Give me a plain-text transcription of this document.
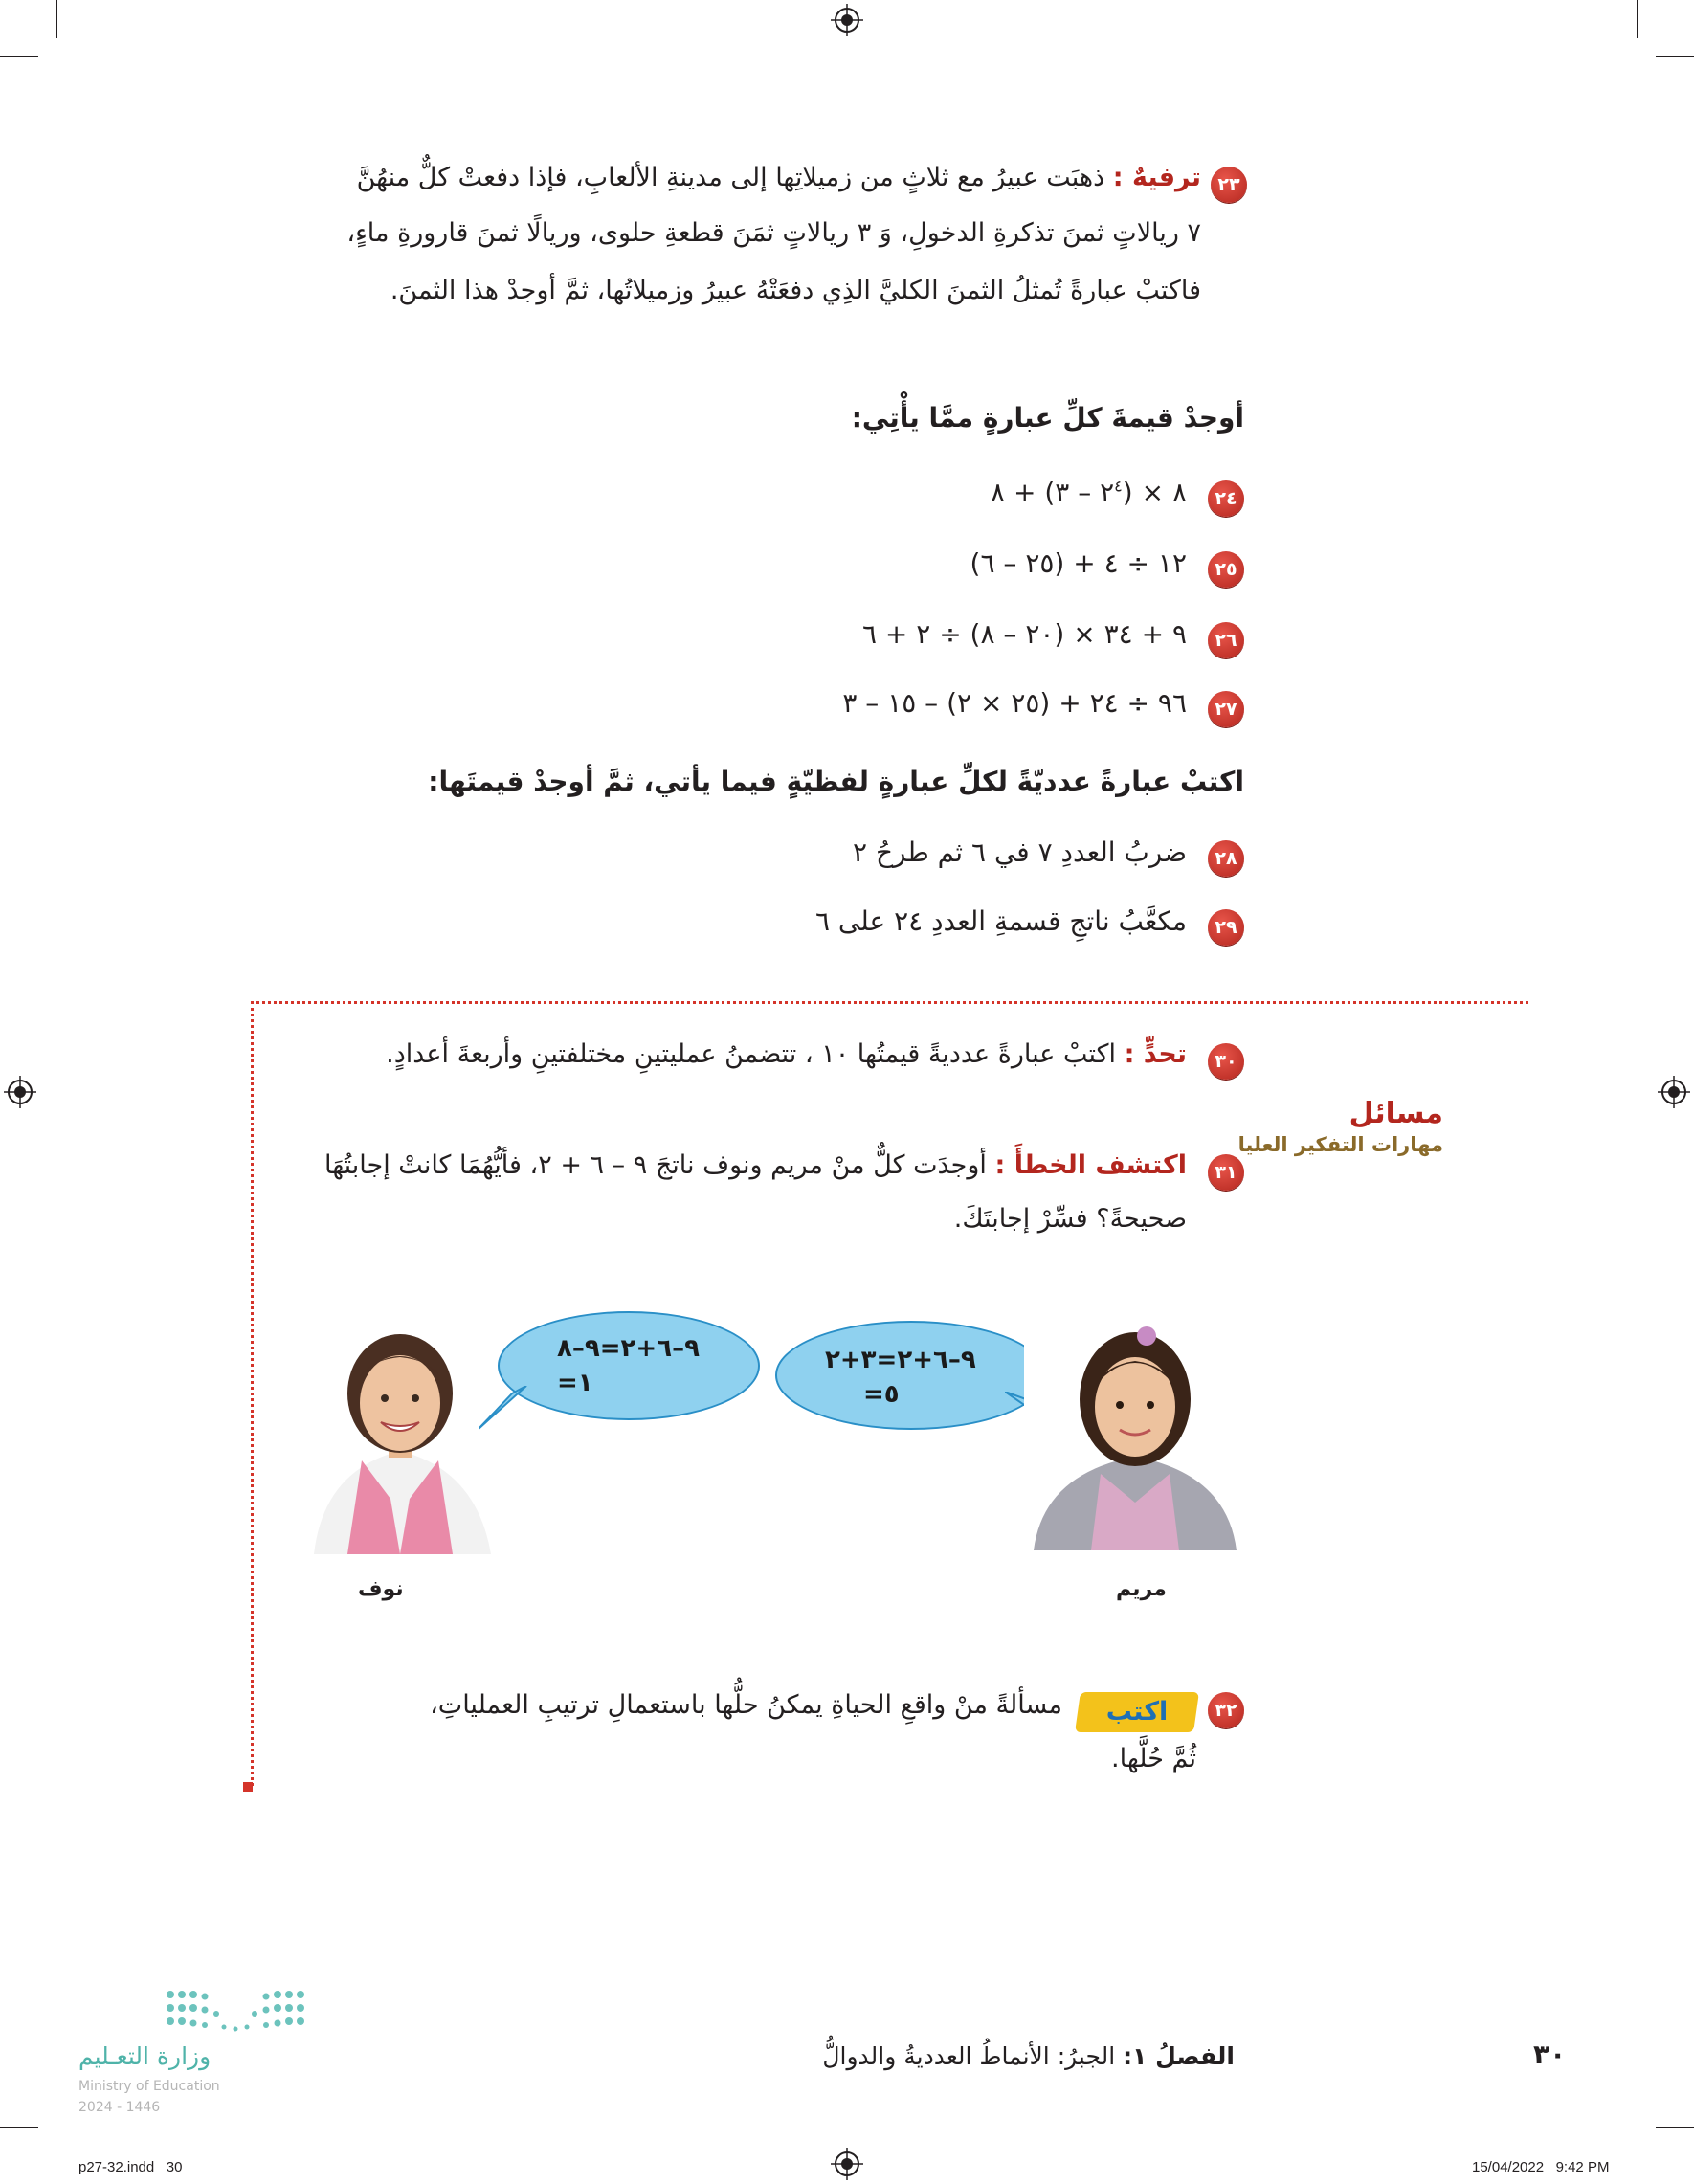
٢٣
ترفيهٌ : ذهبَت عبيرُ مع ثلاثٍ من زميلاتِها إلى مدينةِ الألعابِ، فإذا دفعتْ كلٌّ منهُنَّ
٧ ريالاتٍ ثمنَ تذكرةِ الدخولِ، وَ ٣ ريالاتٍ ثمَنَ قطعةِ حلوى، وريالًا ثمنَ قارورةِ ماءٍ،
فاكتبْ عبارةً تُمثلُ الثمنَ الكليَّ الذِي دفعَتْهُ عبيرُ وزميلاتُها، ثمَّ أوجدْ هذا الثمنَ.
أوجدْ قيمةَ كلِّ عبارةٍ ممَّا يأْتِي:
٢٤
٨ × ($٢^٤$ – ٣) + ٨
٢٥
١٢ ÷ ٤ + (٢٥ – ٦)
٢٦
٩ + ٣٤ × (٢٠ – ٨) ÷ ٢ + ٦
٢٧
٩٦ ÷ ٢٤ + (٢٥ × ٢) – ١٥ – ٣
اكتبْ عبارةً عدديّةً لكلِّ عبارةٍ لفظيّةٍ فيما يأتي، ثمَّ أوجدْ قيمتَها:
٢٨
ضربُ العددِ ٧ في ٦ ثم طرحُ ٢
٢٩
مكعَّبُ ناتجِ قسمةِ العددِ ٢٤ على ٦
مسائل
مهارات التفكير العليا
٣٠
تحدٍّ : اكتبْ عبارةً عدديةً قيمتُها ١٠ ، تتضمنُ عمليتينِ مختلفتينِ وأربعةَ أعدادٍ.
٣١
اكتشف الخطأَ : أوجدَت كلٌّ منْ مريم ونوف ناتجَ ٩ – ٦ + ٢، فأيُّهُمَا كانتْ إجابتُهَا
صحيحةً؟ فسِّرْ إجابتَكَ.
نوف
٩–٦+٢=٩–٨
=١
٩–٦+٢=٣+٢
=٥
مريم
٣٢
اكتب
مسألةً منْ واقعِ الحياةِ يمكنُ حلُّها باستعمالِ ترتيبِ العملياتِ،
ثُمَّ حُلَّها.
وزارة التعـليم
Ministry of Education
2024 - 1446
الفصلُ ١: الجبرُ: الأنماطُ العدديةُ والدوالُّ	٣٠
p27-32.indd   30	15/04/2022   9:42 PM
